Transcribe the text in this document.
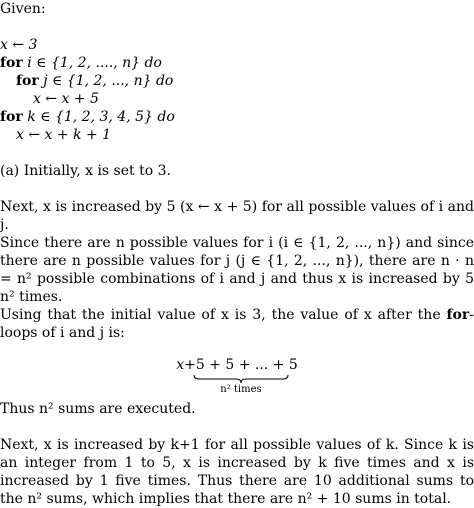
Given:
x ← 3
for i ∈ {1, 2, ...., n} do
for j ∈ {1, 2, ..., n} do
x ← x + 5
for k ∈ {1, 2, 3, 4, 5} do
x ← x + k + 1
(a) Initially, x is set to 3.
Next, x is increased by 5 (x ← x + 5) for all possible values of i and j.
Since there are n possible values for i (i ∈ {1, 2, ..., n}) and since there are n possible values for j (j ∈ {1, 2, ..., n}), there are n · n = n² possible combinations of i and j and thus x is increased by 5 n² times.
Using that the initial value of x is 3, the value of x after the for-loops of i and j is:
x +5 + 5 + ... + 5
n² times
Thus n² sums are executed.
Next, x is increased by k+1 for all possible values of k. Since k is an integer from 1 to 5, x is increased by k five times and x is increased by 1 five times. Thus there are 10 additional sums to the n² sums, which implies that there are n² + 10 sums in total.
